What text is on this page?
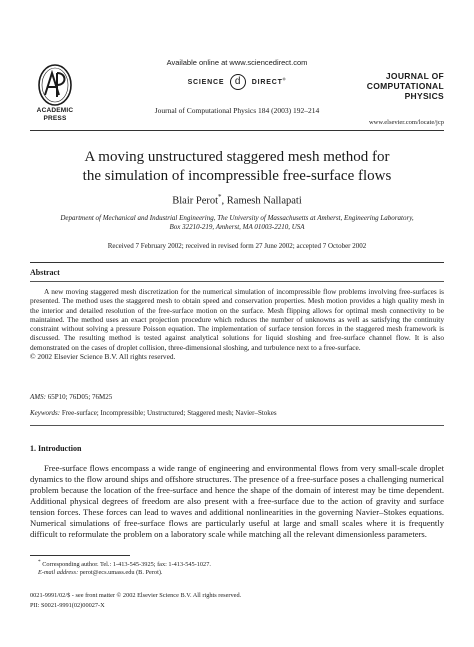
ACADEMIC
PRESS
Available online at www.sciencedirect.com
SCIENCE d DIRECT®
Journal of Computational Physics 184 (2003) 192–214
JOURNAL OF
COMPUTATIONAL
PHYSICS
www.elsevier.com/locate/jcp
A moving unstructured staggered mesh method for
the simulation of incompressible free-surface flows
Blair Perot*, Ramesh Nallapati
Department of Mechanical and Industrial Engineering, The University of Massachusetts at Amherst, Engineering Laboratory,
Box 32210-219, Amherst, MA 01003-2210, USA
Received 7 February 2002; received in revised form 27 June 2002; accepted 7 October 2002
Abstract
A new moving staggered mesh discretization for the numerical simulation of incompressible flow problems involving free-surfaces is presented. The method uses the staggered mesh to obtain speed and conservation properties. Mesh motion provides a high quality mesh in the interior and detailed resolution of the free-surface motion on the surface. Mesh flipping allows for optimal mesh connectivity to be maintained. The method uses an exact projection procedure which reduces the number of unknowns as well as satisfying the continuity constraint without solving a pressure Poisson equation. The implementation of surface tension forces in the staggered mesh framework is discussed. The resulting method is tested against analytical solutions for liquid sloshing and free-surface channel flow. It is also demonstrated on the cases of droplet collision, three-dimensional sloshing, and turbulence next to a free-surface.
© 2002 Elsevier Science B.V. All rights reserved.
AMS: 65P10; 76D05; 76M25
Keywords: Free-surface; Incompressible; Unstructured; Staggered mesh; Navier–Stokes
1. Introduction
Free-surface flows encompass a wide range of engineering and environmental flows from very small-scale droplet dynamics to the flow around ships and offshore structures. The presence of a free-surface poses a challenging numerical problem because the location of the free-surface and hence the shape of the domain of interest may be time dependent. Additional physical degrees of freedom are also present with a free-surface due to the action of gravity and surface tension forces. These forces can lead to waves and additional nonlinearities in the governing Navier–Stokes equations. Numerical simulations of free-surface flows are particularly useful at large and small scales where it is frequently difficult to reformulate the problem on a laboratory scale while matching all the relevant dimensionless parameters.
* Corresponding author. Tel.: 1-413-545-3925; fax: 1-413-545-1027.
E-mail address: perot@ecs.umass.edu (B. Perot).
0021-9991/02/$ - see front matter © 2002 Elsevier Science B.V. All rights reserved.
PII: S0021-9991(02)00027-X
